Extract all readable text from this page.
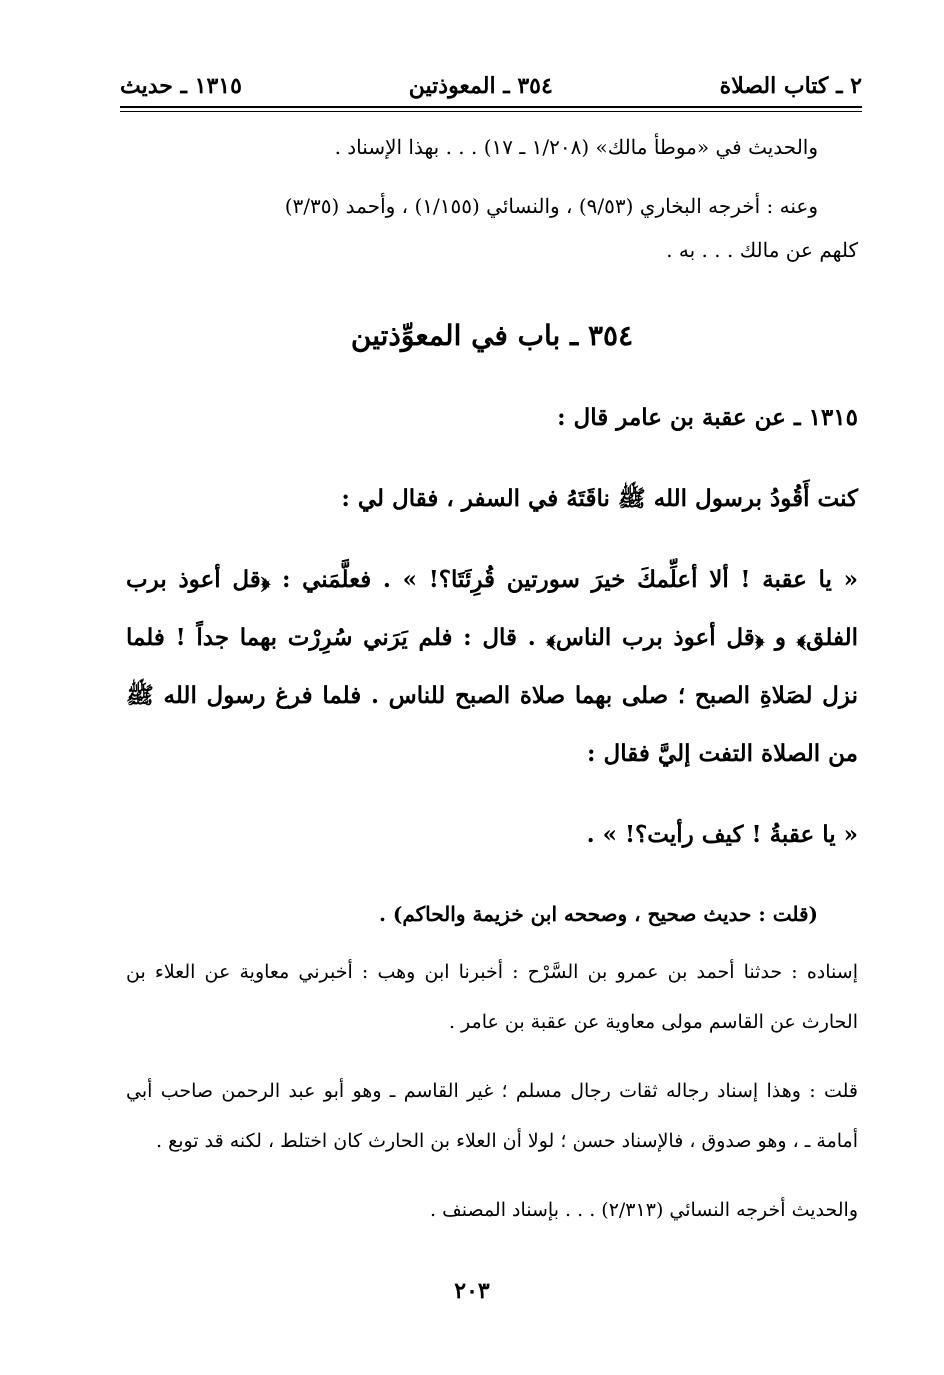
٢ ـ كتاب الصلاة
٣٥٤ ـ المعوذتين
١٣١٥ ـ حديث

والحديث في «موطأ مالك» (١/٢٠٨ ـ ١٧) . . . بهذا الإسناد .

وعنه : أخرجه البخاري (٩/٥٣) ، والنسائي (١/١٥٥) ، وأحمد (٣/٣٥)

كلهم عن مالك . . . به .

٣٥٤ ـ باب في المعوِّذتين

١٣١٥ ـ عن عقبة بن عامر قال :

كنت أَقُودُ برسول الله ﷺ ناقَتَهُ في السفر ، فقال لي :

« يا عقبة ! ألا أعلِّمكَ خيرَ سورتين قُرِئَتَا؟! » . فعلَّمَني : ﴿قل أعوذ برب الفلق﴾ و ﴿قل أعوذ برب الناس﴾ . قال : فلم يَرَني سُرِرْت بهما جداً ! فلما نزل لصَلاةِ الصبح ؛ صلى بهما صلاة الصبح للناس . فلما فرغ رسول الله ﷺ من الصلاة التفت إليَّ فقال :

« يا عقبةُ ! كيف رأيت؟! » .

(قلت : حديث صحيح ، وصححه ابن خزيمة والحاكم) .

إسناده : حدثنا أحمد بن عمرو بن السَّرْح : أخبرنا ابن وهب : أخبرني معاوية عن العلاء بن الحارث عن القاسم مولى معاوية عن عقبة بن عامر .

قلت : وهذا إسناد رجاله ثقات رجال مسلم ؛ غير القاسم ـ وهو أبو عبد الرحمن صاحب أبي أمامة ـ ، وهو صدوق ، فالإسناد حسن ؛ لولا أن العلاء بن الحارث كان اختلط ، لكنه قد توبع .

والحديث أخرجه النسائي (٢/٣١٣) . . . بإسناد المصنف .

٢٠٣
